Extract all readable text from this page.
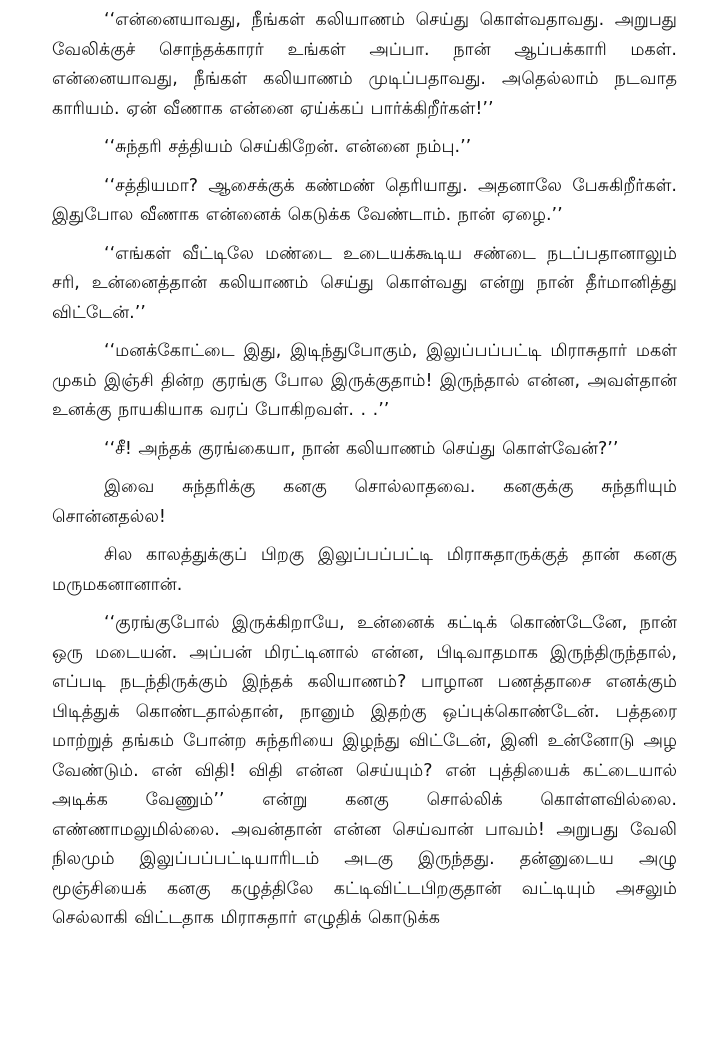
‘‘என்னையாவது, நீங்கள் கலியாணம் செய்து கொள்வதாவது. அறுபது வேலிக்குச் சொந்தக்காரர் உங்கள் அப்பா. நான் ஆப்பக்காரி மகள். என்னையாவது, நீங்கள் கலியாணம் முடிப்பதாவது. அதெல்லாம் நடவாத காரியம். ஏன் வீணாக என்னை ஏய்க்கப் பார்க்கிறீர்கள்!’’

‘‘சுந்தரி சத்தியம் செய்கிறேன். என்னை நம்பு.’’

‘‘சத்தியமா? ஆசைக்குக் கண்மண் தெரியாது. அதனாலே பேசுகிறீர்கள். இதுபோல வீணாக என்னைக் கெடுக்க வேண்டாம். நான் ஏழை.’’

‘‘எங்கள் வீட்டிலே மண்டை உடையக்கூடிய சண்டை நடப்பதானாலும் சரி, உன்னைத்தான் கலியாணம் செய்து கொள்வது என்று நான் தீர்மானித்து விட்டேன்.’’

‘‘மனக்கோட்டை இது, இடிந்துபோகும், இலுப்பப்பட்டி மிராசுதார் மகள் முகம் இஞ்சி தின்ற குரங்கு போல இருக்குதாம்! இருந்தால் என்ன, அவள்தான் உனக்கு நாயகியாக வரப் போகிறவள். . .’’

‘‘சீ! அந்தக் குரங்கையா, நான் கலியாணம் செய்து கொள்வேன்?’’

இவை சுந்தரிக்கு கனகு சொல்லாதவை. கனகுக்கு சுந்தரியும் சொன்னதல்ல!

சில காலத்துக்குப் பிறகு இலுப்பப்பட்டி மிராசுதாருக்குத் தான் கனகு மருமகனானான்.

‘‘குரங்குபோல் இருக்கிறாயே, உன்னைக் கட்டிக் கொண்டேனே, நான் ஒரு மடையன். அப்பன் மிரட்டினால் என்ன, பிடிவாதமாக இருந்திருந்தால், எப்படி நடந்திருக்கும் இந்தக் கலியாணம்? பாழான பணத்தாசை எனக்கும் பிடித்துக் கொண்டதால்தான், நானும் இதற்கு ஒப்புக்கொண்டேன். பத்தரை மாற்றுத் தங்கம் போன்ற சுந்தரியை இழந்து விட்டேன், இனி உன்னோடு அழ வேண்டும். என் விதி! விதி என்ன செய்யும்? என் புத்தியைக் கட்டையால் அடிக்க வேணும்’’ என்று கனகு சொல்லிக் கொள்ளவில்லை. எண்ணாமலுமில்லை. அவன்தான் என்ன செய்வான் பாவம்! அறுபது வேலி நிலமும் இலுப்பப்பட்டியாரிடம் அடகு இருந்தது. தன்னுடைய அழு மூஞ்சியைக் கனகு கழுத்திலே கட்டிவிட்டபிறகுதான் வட்டியும் அசலும் செல்லாகி விட்டதாக மிராசுதார் எழுதிக் கொடுக்க
